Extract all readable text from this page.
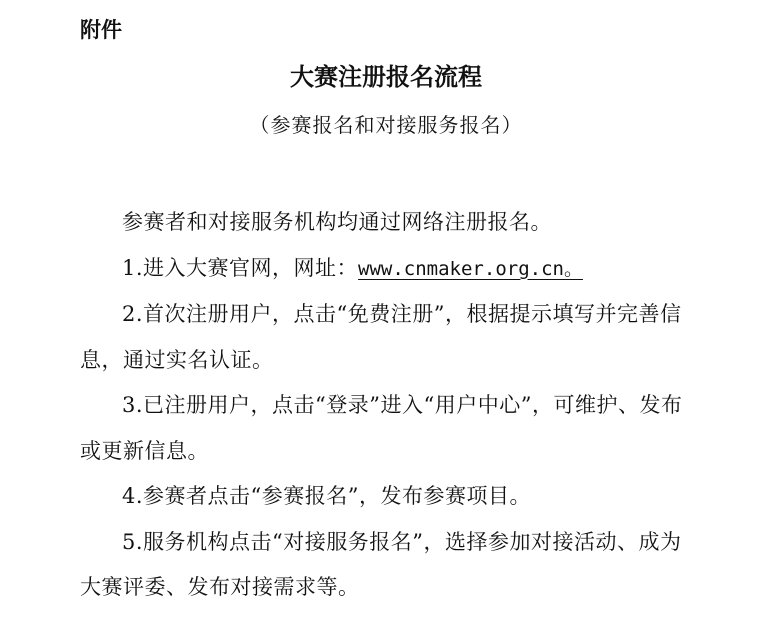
附件
大赛注册报名流程
（参赛报名和对接服务报名）

参赛者和对接服务机构均通过网络注册报名。

1.进入大赛官网，网址：www.cnmaker.org.cn。

2.首次注册用户，点击“免费注册”，根据提示填写并完善信息，通过实名认证。

3.已注册用户，点击“登录”进入“用户中心”，可维护、发布或更新信息。

4.参赛者点击“参赛报名”，发布参赛项目。

5.服务机构点击“对接服务报名”，选择参加对接活动、成为大赛评委、发布对接需求等。
